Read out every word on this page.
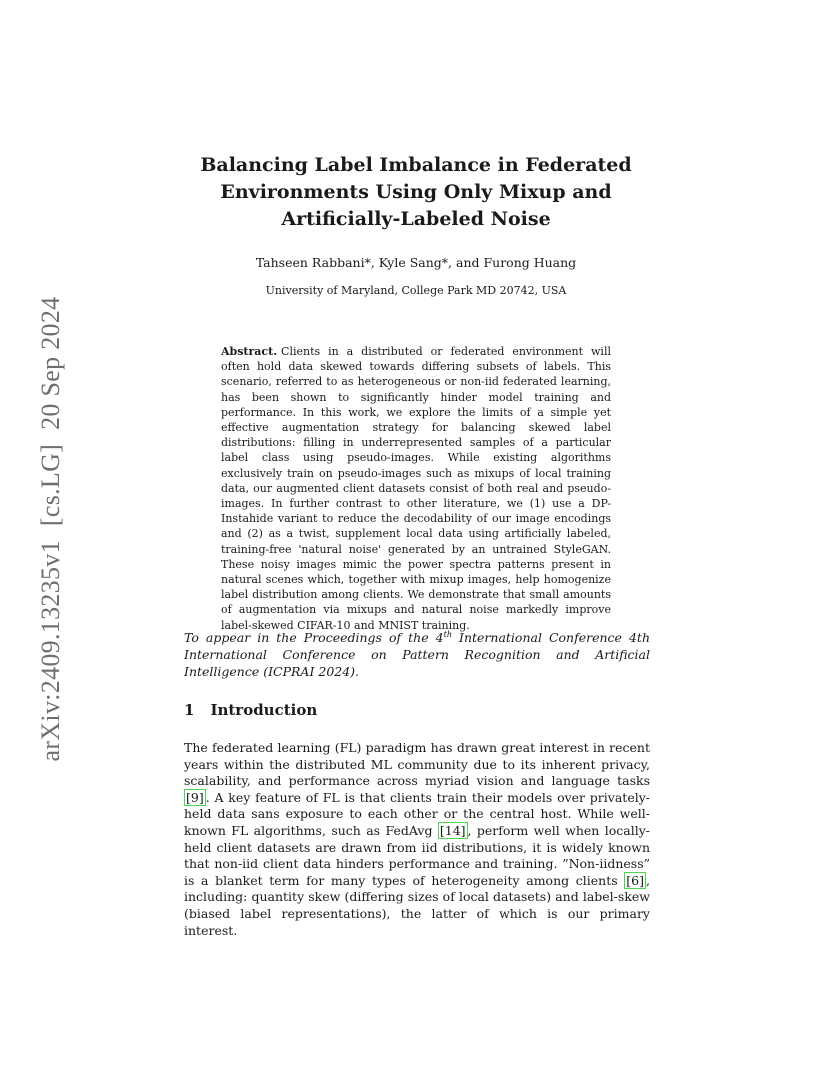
arXiv:2409.13235v1[cs.LG]20 Sep 2024
Balancing Label Imbalance in Federated
Environments Using Only Mixup and
Artificially-Labeled Noise
Tahseen Rabbani*, Kyle Sang*, and Furong Huang
University of Maryland, College Park MD 20742, USA
Abstract. Clients in a distributed or federated environment will often hold data skewed towards differing subsets of labels. This scenario, referred to as heterogeneous or non-iid federated learning, has been shown to significantly hinder model training and performance. In this work, we explore the limits of a simple yet effective augmentation strategy for balancing skewed label distributions: filling in underrepresented samples of a particular label class using pseudo-images. While existing algorithms exclusively train on pseudo-images such as mixups of local training data, our augmented client datasets consist of both real and pseudo-images. In further contrast to other literature, we (1) use a DP-Instahide variant to reduce the decodability of our image encodings and (2) as a twist, supplement local data using artificially labeled, training-free 'natural noise' generated by an untrained StyleGAN. These noisy images mimic the power spectra patterns present in natural scenes which, together with mixup images, help homogenize label distribution among clients. We demonstrate that small amounts of augmentation via mixups and natural noise markedly improve label-skewed CIFAR-10 and MNIST training.
To appear in the Proceedings of the 4th International Conference 4th International Conference on Pattern Recognition and Artificial Intelligence (ICPRAI 2024).
1 Introduction
The federated learning (FL) paradigm has drawn great interest in recent years within the distributed ML community due to its inherent privacy, scalability, and performance across myriad vision and language tasks [9] . A key feature of FL is that clients train their models over privately-held data sans exposure to each other or the central host. While well-known FL algorithms, such as FedAvg [14] , perform well when locally-held client datasets are drawn from iid distributions, it is widely known that non-iid client data hinders performance and training. ”Non-iidness” is a blanket term for many types of heterogeneity among clients [6] , including: quantity skew (differing sizes of local datasets) and label-skew (biased label representations), the latter of which is our primary interest.
